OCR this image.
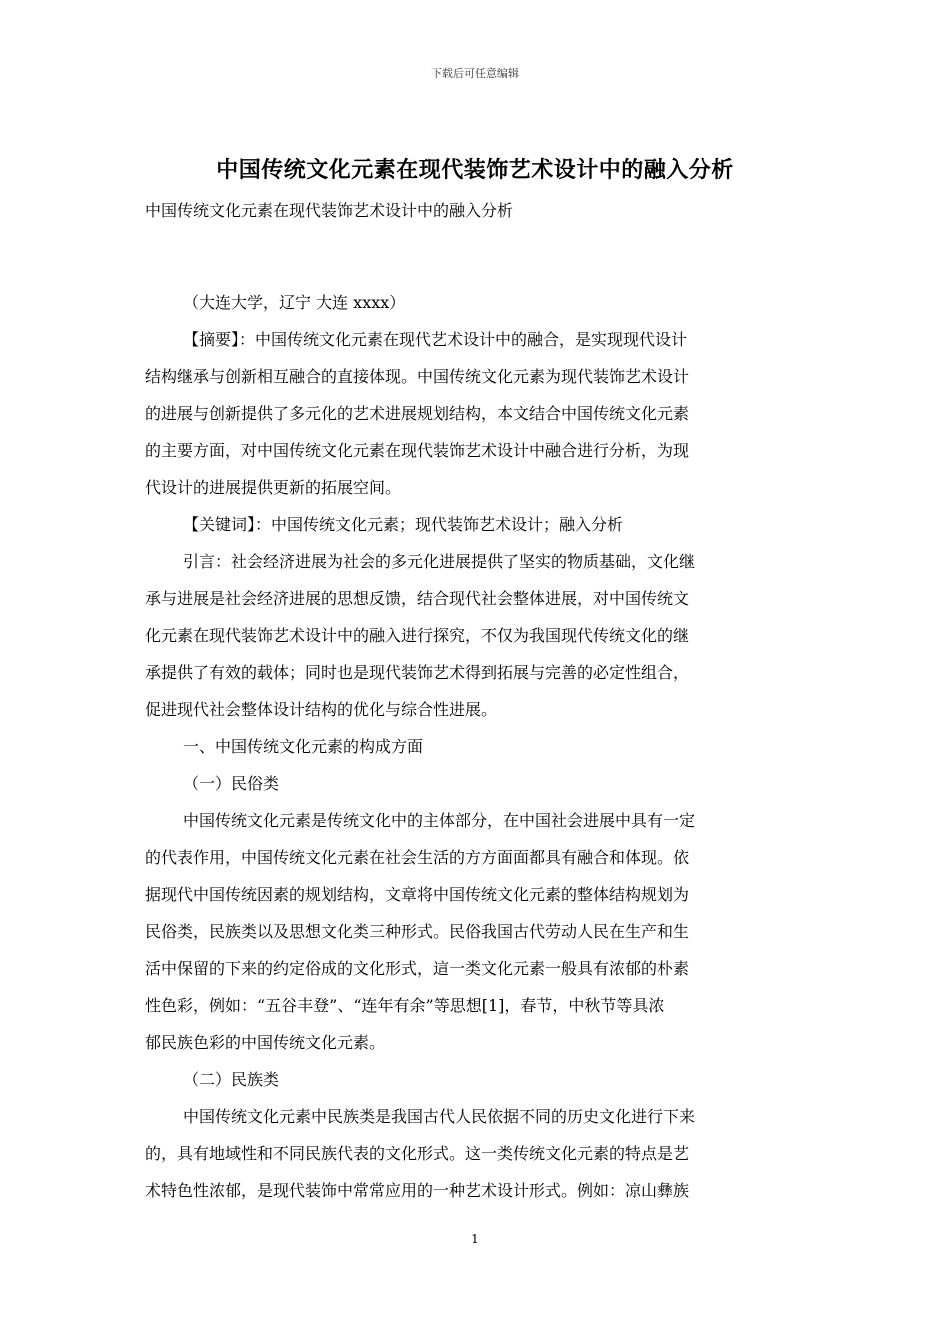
下载后可任意编辑
中国传统文化元素在现代装饰艺术设计中的融入分析
中国传统文化元素在现代装饰艺术设计中的融入分析
（大连大学，辽宁 大连 xxxx）
【摘要】：中国传统文化元素在现代艺术设计中的融合，是实现现代设计
结构继承与创新相互融合的直接体现。中国传统文化元素为现代装饰艺术设计
的进展与创新提供了多元化的艺术进展规划结构，本文结合中国传统文化元素
的主要方面，对中国传统文化元素在现代装饰艺术设计中融合进行分析，为现
代设计的进展提供更新的拓展空间。
【关键词】：中国传统文化元素；现代装饰艺术设计；融入分析
引言：社会经济进展为社会的多元化进展提供了坚实的物质基础，文化继
承与进展是社会经济进展的思想反馈，结合现代社会整体进展，对中国传统文
化元素在现代装饰艺术设计中的融入进行探究，不仅为我国现代传统文化的继
承提供了有效的载体；同时也是现代装饰艺术得到拓展与完善的必定性组合，
促进现代社会整体设计结构的优化与综合性进展。
一、中国传统文化元素的构成方面
（一）民俗类
中国传统文化元素是传统文化中的主体部分，在中国社会进展中具有一定
的代表作用，中国传统文化元素在社会生活的方方面面都具有融合和体现。依
据现代中国传统因素的规划结构，文章将中国传统文化元素的整体结构规划为
民俗类，民族类以及思想文化类三种形式。民俗我国古代劳动人民在生产和生
活中保留的下来的约定俗成的文化形式，這一类文化元素一般具有浓郁的朴素
性色彩，例如：“五谷丰登”、“连年有余”等思想[1]，春节，中秋节等具浓
郁民族色彩的中国传统文化元素。
（二）民族类
中国传统文化元素中民族类是我国古代人民依据不同的历史文化进行下来
的，具有地域性和不同民族代表的文化形式。这一类传统文化元素的特点是艺
术特色性浓郁，是现代装饰中常常应用的一种艺术设计形式。例如：凉山彝族
1
